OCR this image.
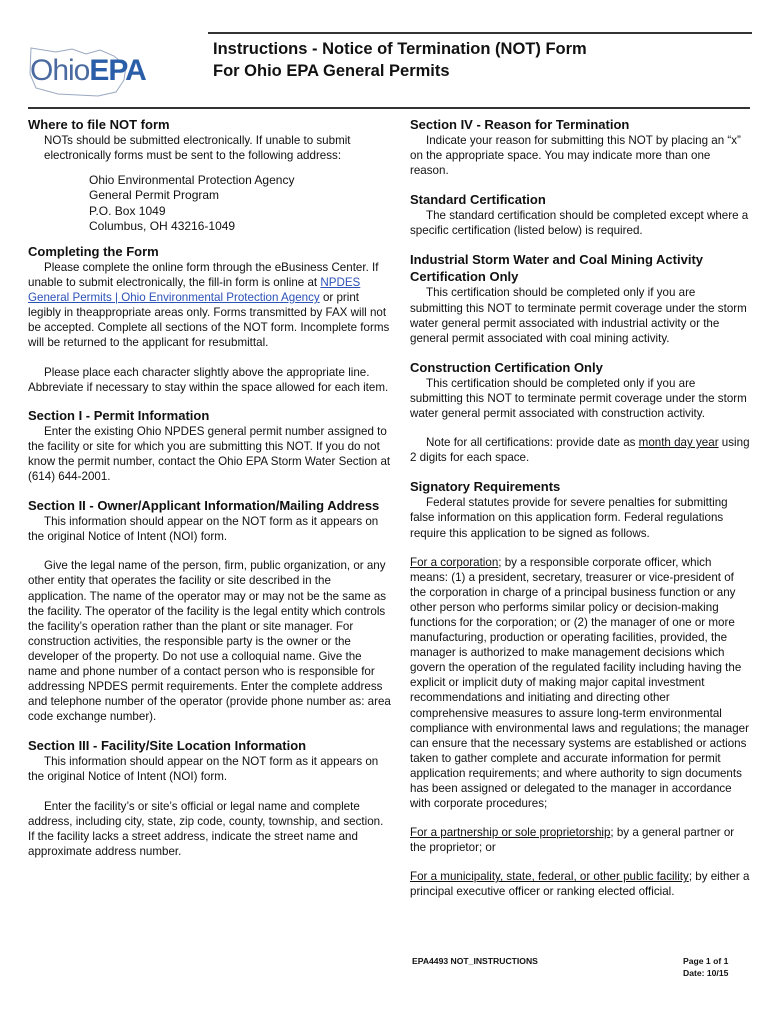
OhioEPA
Instructions - Notice of Termination (NOT) Form
For Ohio EPA General Permits
Where to file NOT form
NOTs should be submitted electronically. If unable to submit electronically forms must be sent to the following address:
Ohio Environmental Protection Agency
General Permit Program
P.O. Box 1049
Columbus, OH 43216-1049
Completing the Form
Please complete the online form through the eBusiness Center. If unable to submit electronically, the fill-in form is online at NPDES General Permits | Ohio Environmental Protection Agency or print legibly in theappropriate areas only. Forms transmitted by FAX will not be accepted. Complete all sections of the NOT form. Incomplete forms will be returned to the applicant for resubmittal.
Please place each character slightly above the appropriate line. Abbreviate if necessary to stay within the space allowed for each item.
Section I - Permit Information
Enter the existing Ohio NPDES general permit number assigned to the facility or site for which you are submitting this NOT. If you do not know the permit number, contact the Ohio EPA Storm Water Section at (614) 644-2001.
Section II - Owner/Applicant Information/Mailing Address
This information should appear on the NOT form as it appears on the original Notice of Intent (NOI) form.
Give the legal name of the person, firm, public organization, or any other entity that operates the facility or site described in the application. The name of the operator may or may not be the same as the facility. The operator of the facility is the legal entity which controls the facility’s operation rather than the plant or site manager. For construction activities, the responsible party is the owner or the developer of the property. Do not use a colloquial name. Give the name and phone number of a contact person who is responsible for addressing NPDES permit requirements. Enter the complete address and telephone number of the operator (provide phone number as: area code exchange number).
Section III - Facility/Site Location Information
This information should appear on the NOT form as it appears on the original Notice of Intent (NOI) form.
Enter the facility’s or site’s official or legal name and complete address, including city, state, zip code, county, township, and section. If the facility lacks a street address, indicate the street name and approximate address number.
Section IV - Reason for Termination
Indicate your reason for submitting this NOT by placing an “x” on the appropriate space. You may indicate more than one reason.
Standard Certification
The standard certification should be completed except where a specific certification (listed below) is required.
Industrial Storm Water and Coal Mining Activity Certification Only
This certification should be completed only if you are submitting this NOT to terminate permit coverage under the storm water general permit associated with industrial activity or the general permit associated with coal mining activity.
Construction Certification Only
This certification should be completed only if you are submitting this NOT to terminate permit coverage under the storm water general permit associated with construction activity.
Note for all certifications: provide date as month day year using 2 digits for each space.
Signatory Requirements
Federal statutes provide for severe penalties for submitting false information on this application form. Federal regulations require this application to be signed as follows.
For a corporation; by a responsible corporate officer, which means: (1) a president, secretary, treasurer or vice-president of the corporation in charge of a principal business function or any other person who performs similar policy or decision-making functions for the corporation; or (2) the manager of one or more manufacturing, production or operating facilities, provided, the manager is authorized to make management decisions which govern the operation of the regulated facility including having the explicit or implicit duty of making major capital investment recommendations and initiating and directing other comprehensive measures to assure long-term environmental compliance with environmental laws and regulations; the manager can ensure that the necessary systems are established or actions taken to gather complete and accurate information for permit application requirements; and where authority to sign documents has been assigned or delegated to the manager in accordance with corporate procedures;
For a partnership or sole proprietorship; by a general partner or the proprietor; or
For a municipality, state, federal, or other public facility; by either a principal executive officer or ranking elected official.
EPA4493 NOT_INSTRUCTIONS	Page 1 of 1
Date: 10/15
